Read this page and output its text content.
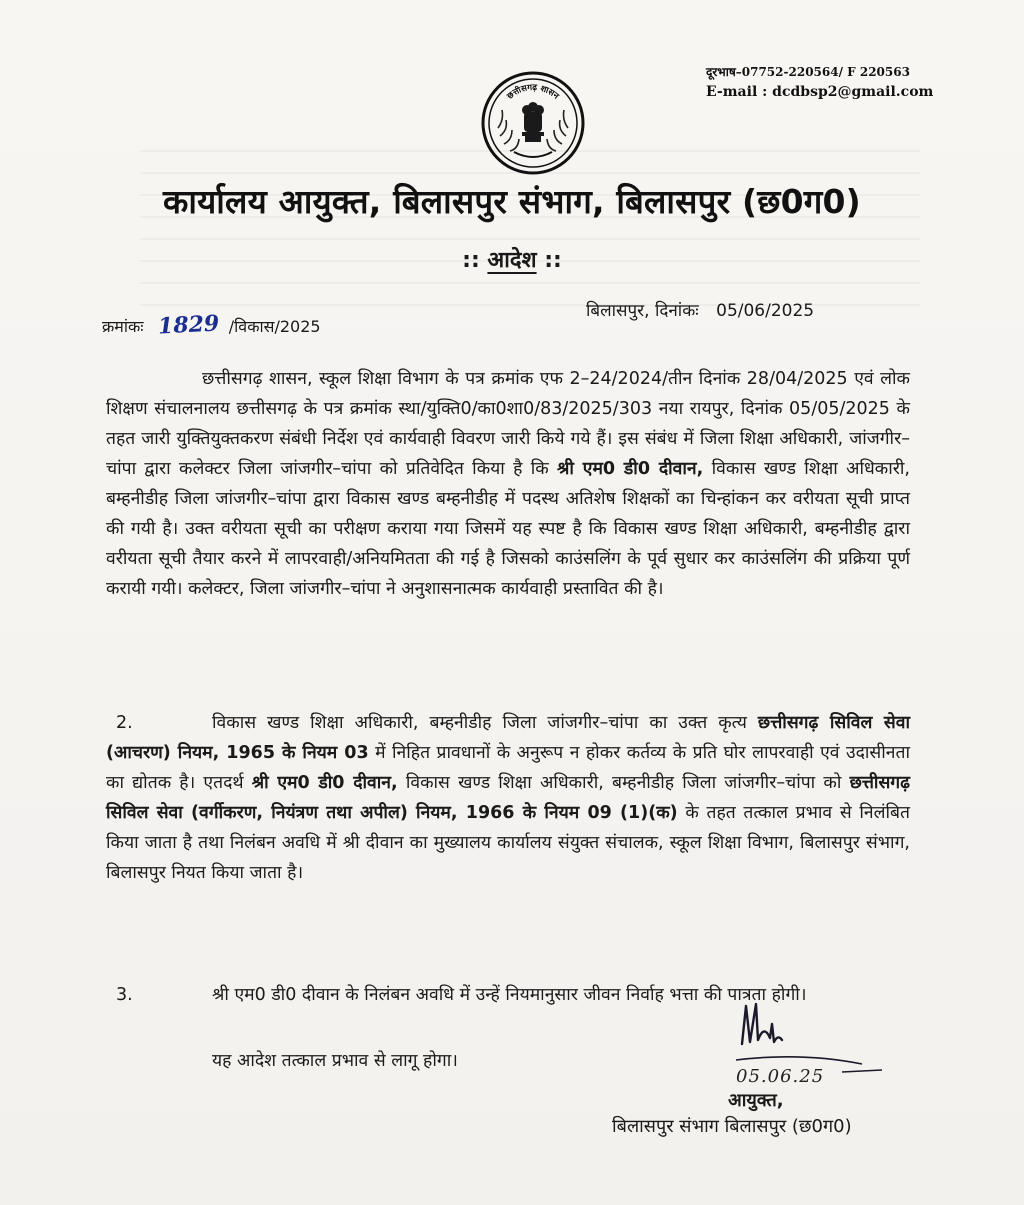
दूरभाष–07752-220564/ F 220563
E-mail : dcdbsp2@gmail.com
छत्तीसगढ़ शासन
कार्यालय आयुक्त, बिलासपुर संभाग, बिलासपुर (छ0ग0)
:: आदेश ::
बिलासपुर, दिनांकः 05/06/2025
क्रमांकः 1829 /विकास/2025
छत्तीसगढ़ शासन, स्कूल शिक्षा विभाग के पत्र क्रमांक एफ 2–24/2024/तीन दिनांक 28/04/2025 एवं लोक शिक्षण संचालनालय छत्तीसगढ़ के पत्र क्रमांक स्था/युक्ति0/का0शा0/83/2025/303 नया रायपुर, दिनांक 05/05/2025 के तहत जारी युक्तियुक्तकरण संबंधी निर्देश एवं कार्यवाही विवरण जारी किये गये हैं। इस संबंध में जिला शिक्षा अधिकारी, जांजगीर–चांपा द्वारा कलेक्टर जिला जांजगीर–चांपा को प्रतिवेदित किया है कि श्री एम0 डी0 दीवान, विकास खण्ड शिक्षा अधिकारी, बम्हनीडीह जिला जांजगीर–चांपा द्वारा विकास खण्ड बम्हनीडीह में पदस्थ अतिशेष शिक्षकों का चिन्हांकन कर वरीयता सूची प्राप्त की गयी है। उक्त वरीयता सूची का परीक्षण कराया गया जिसमें यह स्पष्ट है कि विकास खण्ड शिक्षा अधिकारी, बम्हनीडीह द्वारा वरीयता सूची तैयार करने में लापरवाही/अनियमितता की गई है जिसको काउंसलिंग के पूर्व सुधार कर काउंसलिंग की प्रक्रिया पूर्ण करायी गयी। कलेक्टर, जिला जांजगीर–चांपा ने अनुशासनात्मक कार्यवाही प्रस्तावित की है।
2.	विकास खण्ड शिक्षा अधिकारी, बम्हनीडीह जिला जांजगीर–चांपा का उक्त कृत्य छत्तीसगढ़ सिविल सेवा (आचरण) नियम, 1965 के नियम 03 में निहित प्रावधानों के अनुरूप न होकर कर्तव्य के प्रति घोर लापरवाही एवं उदासीनता का द्योतक है। एतदर्थ श्री एम0 डी0 दीवान, विकास खण्ड शिक्षा अधिकारी, बम्हनीडीह जिला जांजगीर–चांपा को छत्तीसगढ़ सिविल सेवा (वर्गीकरण, नियंत्रण तथा अपील) नियम, 1966 के नियम 09 (1)(क) के तहत तत्काल प्रभाव से निलंबित किया जाता है तथा निलंबन अवधि में श्री दीवान का मुख्यालय कार्यालय संयुक्त संचालक, स्कूल शिक्षा विभाग, बिलासपुर संभाग, बिलासपुर नियत किया जाता है।
3.	श्री एम0 डी0 दीवान के निलंबन अवधि में उन्हें नियमानुसार जीवन निर्वाह भत्ता की पात्रता होगी।
यह आदेश तत्काल प्रभाव से लागू होगा।
05.06.25
आयुक्त,
बिलासपुर संभाग बिलासपुर (छ0ग0)
